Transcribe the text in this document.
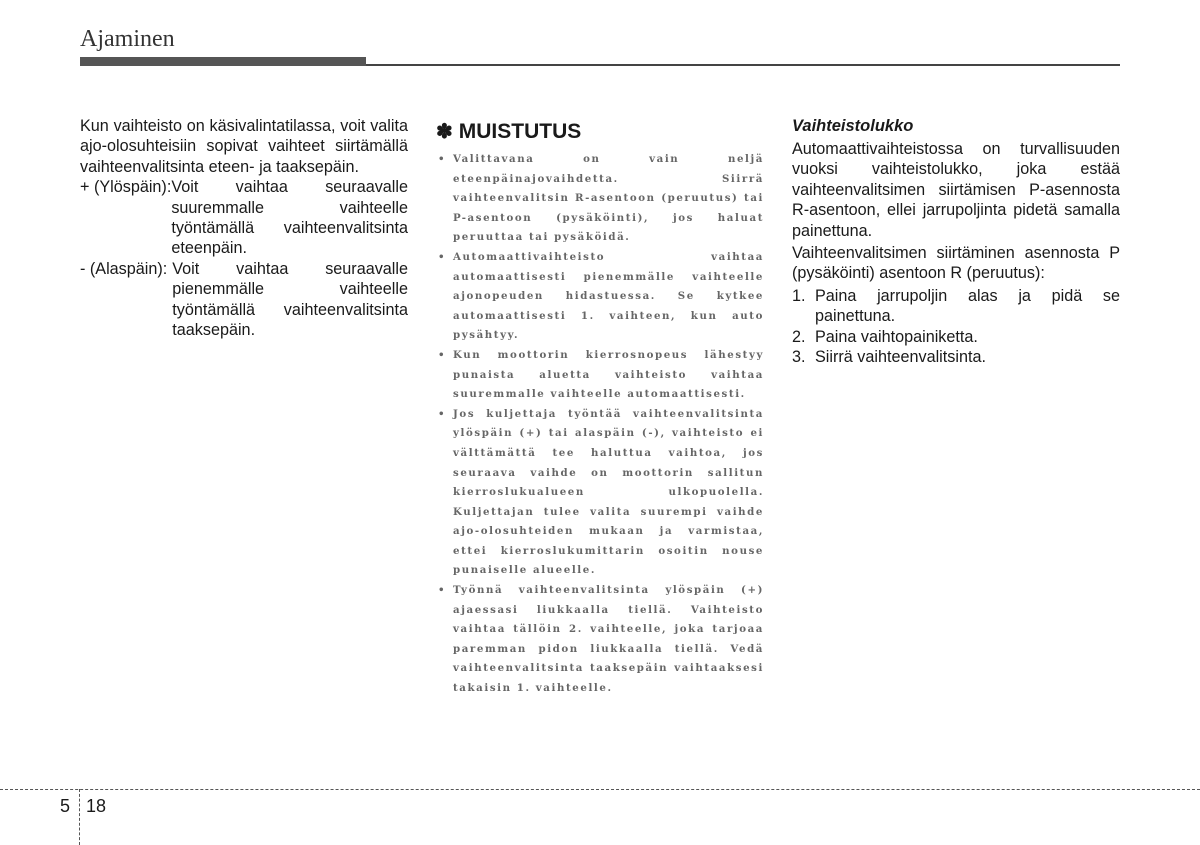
Ajaminen

Kun vaihteisto on käsivalintatilassa, voit valita ajo-olosuhteisiin sopivat vaihteet siirtämällä vaihteenvalitsinta eteen- ja taaksepäin.

+ (Ylöspäin): Voit vaihtaa seuraavalle suuremmalle vaihteelle työntämällä vaihteenvalitsinta eteenpäin.
- (Alaspäin): Voit vaihtaa seuraavalle pienemmälle vaihteelle työntämällä vaihteenvalitsinta taaksepäin.
✽ MUISTUTUS
• Valittavana on vain neljä eteenpäinajovaihdetta. Siirrä vaihteenvalitsin R-asentoon (peruutus) tai P-asentoon (pysäköinti), jos haluat peruuttaa tai pysäköidä.
• Automaattivaihteisto vaihtaa automaattisesti pienemmälle vaihteelle ajonopeuden hidastuessa. Se kytkee automaattisesti 1. vaihteen, kun auto pysähtyy.
• Kun moottorin kierrosnopeus lähestyy punaista aluetta vaihteisto vaihtaa suuremmalle vaihteelle automaattisesti.
• Jos kuljettaja työntää vaihteenvalitsinta ylöspäin (+) tai alaspäin (-), vaihteisto ei välttämättä tee haluttua vaihtoa, jos seuraava vaihde on moottorin sallitun kierroslukualueen ulkopuolella. Kuljettajan tulee valita suurempi vaihde ajo-olosuhteiden mukaan ja varmistaa, ettei kierroslukumittarin osoitin nouse punaiselle alueelle.
• Työnnä vaihteenvalitsinta ylöspäin (+) ajaessasi liukkaalla tiellä. Vaihteisto vaihtaa tällöin 2. vaihteelle, joka tarjoaa paremman pidon liukkaalla tiellä. Vedä vaihteenvalitsinta taaksepäin vaihtaaksesi takaisin 1. vaihteelle.

Vaihteistolukko

Automaattivaihteistossa on turvallisuuden vuoksi vaihteistolukko, joka estää vaihteenvalitsimen siirtämisen P-asennosta R-asentoon, ellei jarrupoljinta pidetä samalla painettuna.

Vaihteenvalitsimen siirtäminen asennosta P (pysäköinti) asentoon R (peruutus):

1. Paina jarrupoljin alas ja pidä se painettuna.
2. Paina vaihtopainiketta.
3. Siirrä vaihteenvalitsinta.
5 18
